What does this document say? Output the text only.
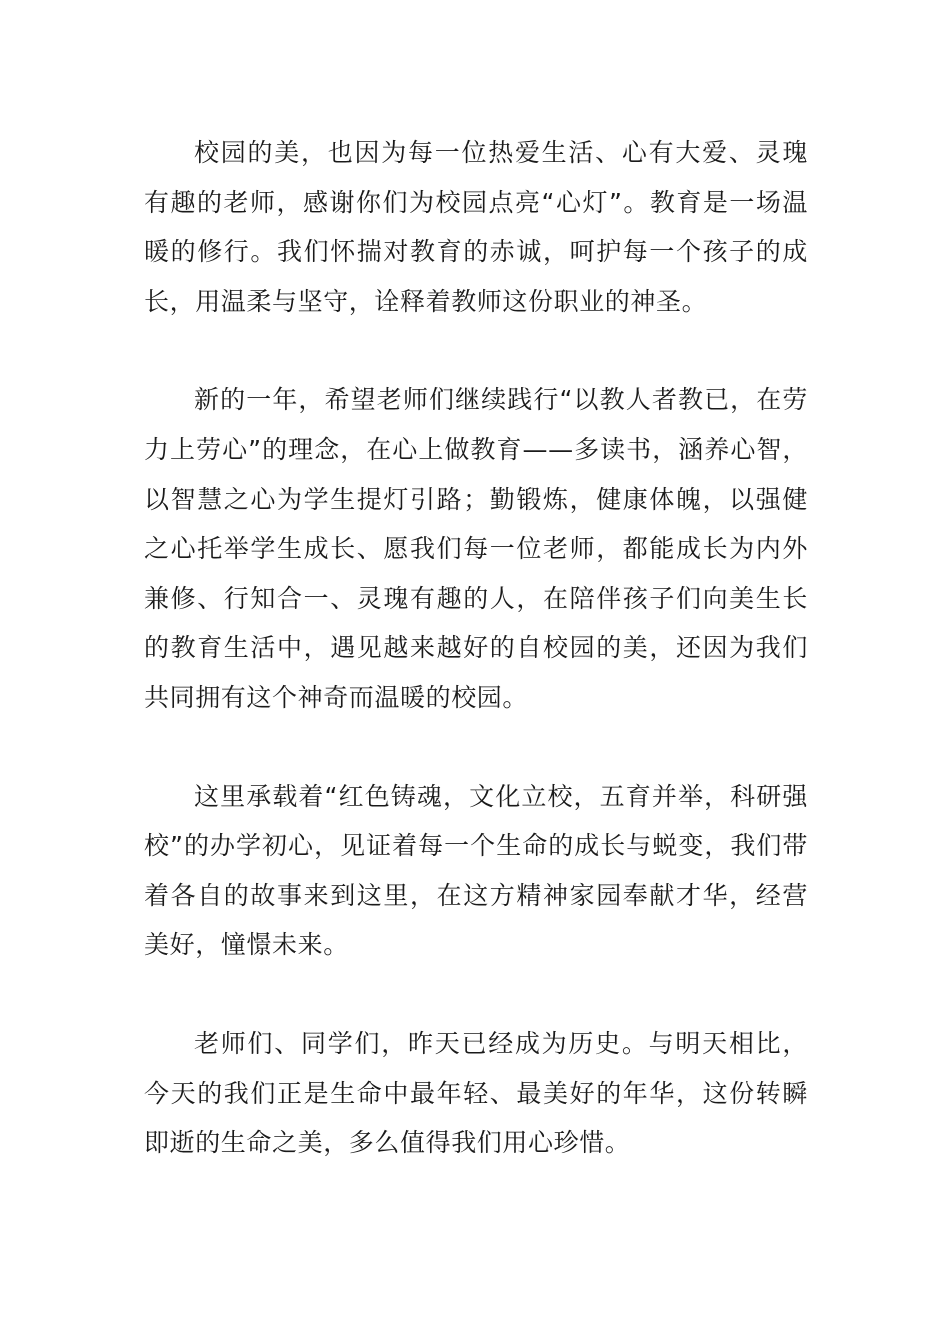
校园的美，也因为每一位热爱生活、心有大爱、灵瑰有趣的老师，感谢你们为校园点亮“心灯”。教育是一场温暖的修行。我们怀揣对教育的赤诚，呵护每一个孩子的成长，用温柔与坚守，诠释着教师这份职业的神圣。

新的一年，希望老师们继续践行“以教人者教已，在劳力上劳心”的理念，在心上做教育——多读书，涵养心智，以智慧之心为学生提灯引路；勤锻炼，健康体魄，以强健之心托举学生成长、愿我们每一位老师，都能成长为内外兼修、行知合一、灵瑰有趣的人，在陪伴孩子们向美生长的教育生活中，遇见越来越好的自校园的美，还因为我们共同拥有这个神奇而温暖的校园。

这里承载着“红色铸魂，文化立校，五育并举，科研强校”的办学初心，见证着每一个生命的成长与蜕变，我们带着各自的故事来到这里，在这方精神家园奉献才华，经营美好，憧憬未来。

老师们、同学们，昨天已经成为历史。与明天相比，今天的我们正是生命中最年轻、最美好的年华，这份转瞬即逝的生命之美，多么值得我们用心珍惜。
